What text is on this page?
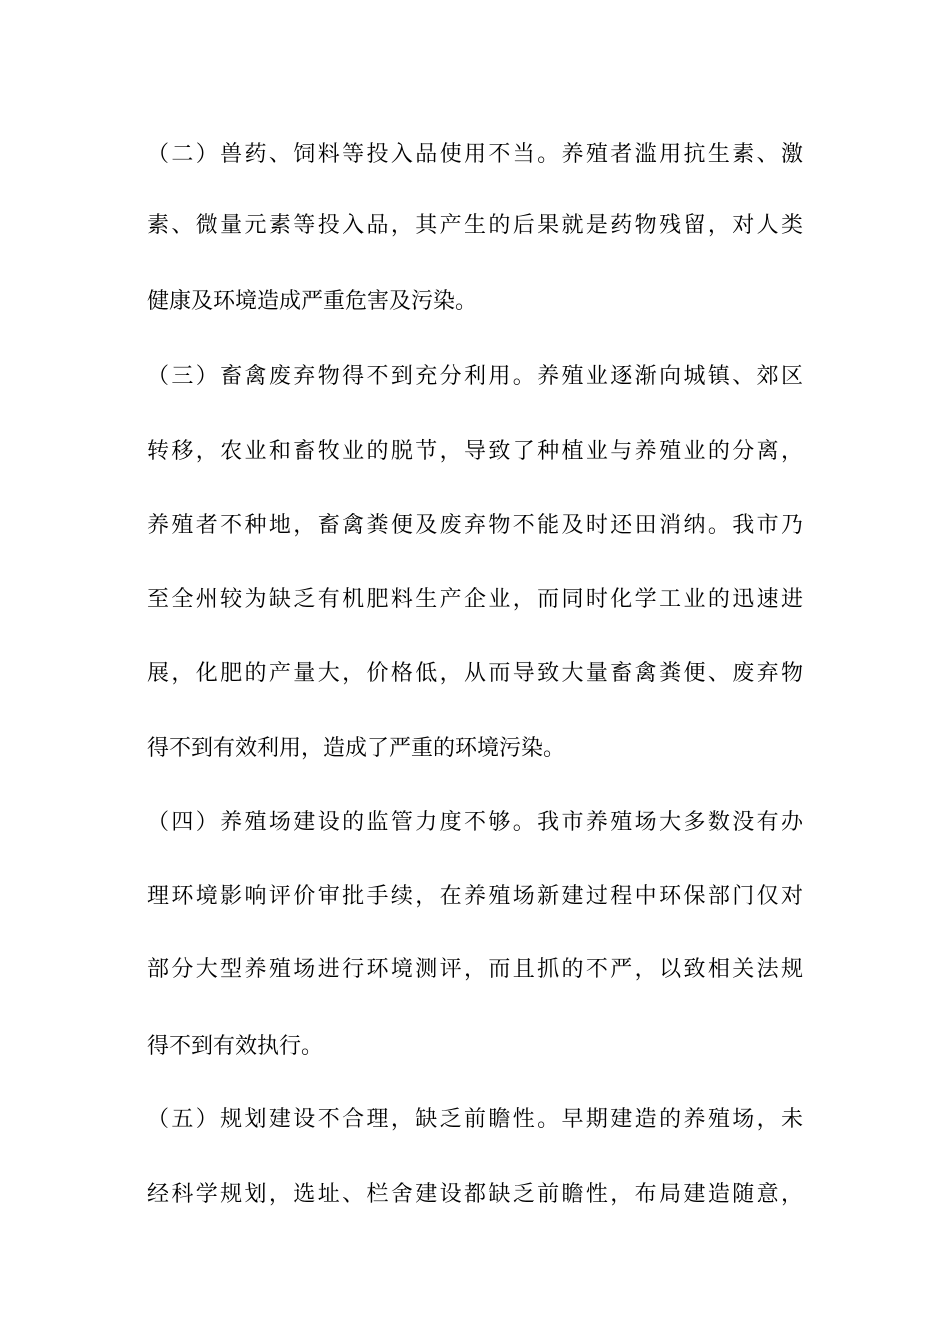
（二）兽药、饲料等投入品使用不当。养殖者滥用抗生素、激

素、微量元素等投入品，其产生的后果就是药物残留，对人类

健康及环境造成严重危害及污染。

（三）畜禽废弃物得不到充分利用。养殖业逐渐向城镇、郊区

转移，农业和畜牧业的脱节，导致了种植业与养殖业的分离，

养殖者不种地，畜禽粪便及废弃物不能及时还田消纳。我市乃

至全州较为缺乏有机肥料生产企业，而同时化学工业的迅速进

展，化肥的产量大，价格低，从而导致大量畜禽粪便、废弃物

得不到有效利用，造成了严重的环境污染。

（四）养殖场建设的监管力度不够。我市养殖场大多数没有办

理环境影响评价审批手续，在养殖场新建过程中环保部门仅对

部分大型养殖场进行环境测评，而且抓的不严，以致相关法规

得不到有效执行。

（五）规划建设不合理，缺乏前瞻性。早期建造的养殖场，未

经科学规划，选址、栏舍建设都缺乏前瞻性，布局建造随意，
